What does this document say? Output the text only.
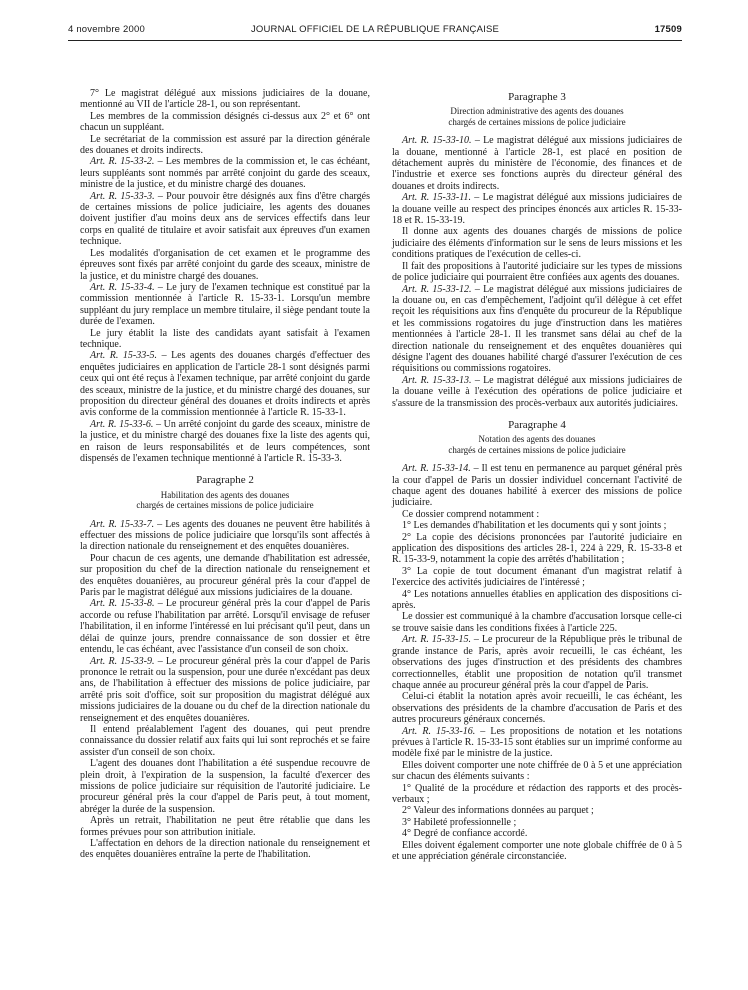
4 novembre 2000	JOURNAL OFFICIEL DE LA RÉPUBLIQUE FRANÇAISE	17509

7° Le magistrat délégué aux missions judiciaires de la douane, mentionné au VII de l'article 28-1, ou son représentant.

Les membres de la commission désignés ci-dessus aux 2° et 6° ont chacun un suppléant.

Le secrétariat de la commission est assuré par la direction générale des douanes et droits indirects.

Art. R. 15-33-2. – Les membres de la commission et, le cas échéant, leurs suppléants sont nommés par arrêté conjoint du garde des sceaux, ministre de la justice, et du ministre chargé des douanes.

Art. R. 15-33-3. – Pour pouvoir être désignés aux fins d'être chargés de certaines missions de police judiciaire, les agents des douanes doivent justifier d'au moins deux ans de services effectifs dans leur corps en qualité de titulaire et avoir satisfait aux épreuves d'un examen technique.

Les modalités d'organisation de cet examen et le programme des épreuves sont fixés par arrêté conjoint du garde des sceaux, ministre de la justice, et du ministre chargé des douanes.

Art. R. 15-33-4. – Le jury de l'examen technique est constitué par la commission mentionnée à l'article R. 15-33-1. Lorsqu'un membre suppléant du jury remplace un membre titulaire, il siège pendant toute la durée de l'examen.

Le jury établit la liste des candidats ayant satisfait à l'examen technique.

Art. R. 15-33-5. – Les agents des douanes chargés d'effectuer des enquêtes judiciaires en application de l'article 28-1 sont désignés parmi ceux qui ont été reçus à l'examen technique, par arrêté conjoint du garde des sceaux, ministre de la justice, et du ministre chargé des douanes, sur proposition du directeur général des douanes et droits indirects et après avis conforme de la commission mentionnée à l'article R. 15-33-1.

Art. R. 15-33-6. – Un arrêté conjoint du garde des sceaux, ministre de la justice, et du ministre chargé des douanes fixe la liste des agents qui, en raison de leurs responsabilités et de leurs compétences, sont dispensés de l'examen technique mentionné à l'article R. 15-33-3.

Paragraphe 2
Habilitation des agents des douanes
chargés de certaines missions de police judiciaire

Art. R. 15-33-7. – Les agents des douanes ne peuvent être habilités à effectuer des missions de police judiciaire que lorsqu'ils sont affectés à la direction nationale du renseignement et des enquêtes douanières.

Pour chacun de ces agents, une demande d'habilitation est adressée, sur proposition du chef de la direction nationale du renseignement et des enquêtes douanières, au procureur général près la cour d'appel de Paris par le magistrat délégué aux missions judiciaires de la douane.

Art. R. 15-33-8. – Le procureur général près la cour d'appel de Paris accorde ou refuse l'habilitation par arrêté. Lorsqu'il envisage de refuser l'habilitation, il en informe l'intéressé en lui précisant qu'il peut, dans un délai de quinze jours, prendre connaissance de son dossier et être entendu, le cas échéant, avec l'assistance d'un conseil de son choix.

Art. R. 15-33-9. – Le procureur général près la cour d'appel de Paris prononce le retrait ou la suspension, pour une durée n'excédant pas deux ans, de l'habilitation à effectuer des missions de police judiciaire, par arrêté pris soit d'office, soit sur proposition du magistrat délégué aux missions judiciaires de la douane ou du chef de la direction nationale du renseignement et des enquêtes douanières.

Il entend préalablement l'agent des douanes, qui peut prendre connaissance du dossier relatif aux faits qui lui sont reprochés et se faire assister d'un conseil de son choix.

L'agent des douanes dont l'habilitation a été suspendue recouvre de plein droit, à l'expiration de la suspension, la faculté d'exercer des missions de police judiciaire sur réquisition de l'autorité judiciaire. Le procureur général près la cour d'appel de Paris peut, à tout moment, abréger la durée de la suspension.

Après un retrait, l'habilitation ne peut être rétablie que dans les formes prévues pour son attribution initiale.

L'affectation en dehors de la direction nationale du renseignement et des enquêtes douanières entraîne la perte de l'habilitation.

Paragraphe 3
Direction administrative des agents des douanes
chargés de certaines missions de police judiciaire

Art. R. 15-33-10. – Le magistrat délégué aux missions judiciaires de la douane, mentionné à l'article 28-1, est placé en position de détachement auprès du ministère de l'économie, des finances et de l'industrie et exerce ses fonctions auprès du directeur général des douanes et droits indirects.

Art. R. 15-33-11. – Le magistrat délégué aux missions judiciaires de la douane veille au respect des principes énoncés aux articles R. 15-33-18 et R. 15-33-19.

Il donne aux agents des douanes chargés de missions de police judiciaire des éléments d'information sur le sens de leurs missions et les conditions pratiques de l'exécution de celles-ci.

Il fait des propositions à l'autorité judiciaire sur les types de missions de police judiciaire qui pourraient être confiées aux agents des douanes.

Art. R. 15-33-12. – Le magistrat délégué aux missions judiciaires de la douane ou, en cas d'empêchement, l'adjoint qu'il délègue à cet effet reçoit les réquisitions aux fins d'enquête du procureur de la République et les commissions rogatoires du juge d'instruction dans les matières mentionnées à l'article 28-1. Il les transmet sans délai au chef de la direction nationale du renseignement et des enquêtes douanières qui désigne l'agent des douanes habilité chargé d'assurer l'exécution de ces réquisitions ou commissions rogatoires.

Art. R. 15-33-13. – Le magistrat délégué aux missions judiciaires de la douane veille à l'exécution des opérations de police judiciaire et s'assure de la transmission des procès-verbaux aux autorités judiciaires.

Paragraphe 4
Notation des agents des douanes
chargés de certaines missions de police judiciaire

Art. R. 15-33-14. – Il est tenu en permanence au parquet général près la cour d'appel de Paris un dossier individuel concernant l'activité de chaque agent des douanes habilité à exercer des missions de police judiciaire.

Ce dossier comprend notamment :

1° Les demandes d'habilitation et les documents qui y sont joints ;

2° La copie des décisions prononcées par l'autorité judiciaire en application des dispositions des articles 28-1, 224 à 229, R. 15-33-8 et R. 15-33-9, notamment la copie des arrêtés d'habilitation ;

3° La copie de tout document émanant d'un magistrat relatif à l'exercice des activités judiciaires de l'intéressé ;

4° Les notations annuelles établies en application des dispositions ci-après.

Le dossier est communiqué à la chambre d'accusation lorsque celle-ci se trouve saisie dans les conditions fixées à l'article 225.

Art. R. 15-33-15. – Le procureur de la République près le tribunal de grande instance de Paris, après avoir recueilli, le cas échéant, les observations des juges d'instruction et des présidents des chambres correctionnelles, établit une proposition de notation qu'il transmet chaque année au procureur général près la cour d'appel de Paris.

Celui-ci établit la notation après avoir recueilli, le cas échéant, les observations des présidents de la chambre d'accusation de Paris et des autres procureurs généraux concernés.

Art. R. 15-33-16. – Les propositions de notation et les notations prévues à l'article R. 15-33-15 sont établies sur un imprimé conforme au modèle fixé par le ministre de la justice.

Elles doivent comporter une note chiffrée de 0 à 5 et une appréciation sur chacun des éléments suivants :

1° Qualité de la procédure et rédaction des rapports et des procès-verbaux ;

2° Valeur des informations données au parquet ;

3° Habileté professionnelle ;

4° Degré de confiance accordé.

Elles doivent également comporter une note globale chiffrée de 0 à 5 et une appréciation générale circonstanciée.
